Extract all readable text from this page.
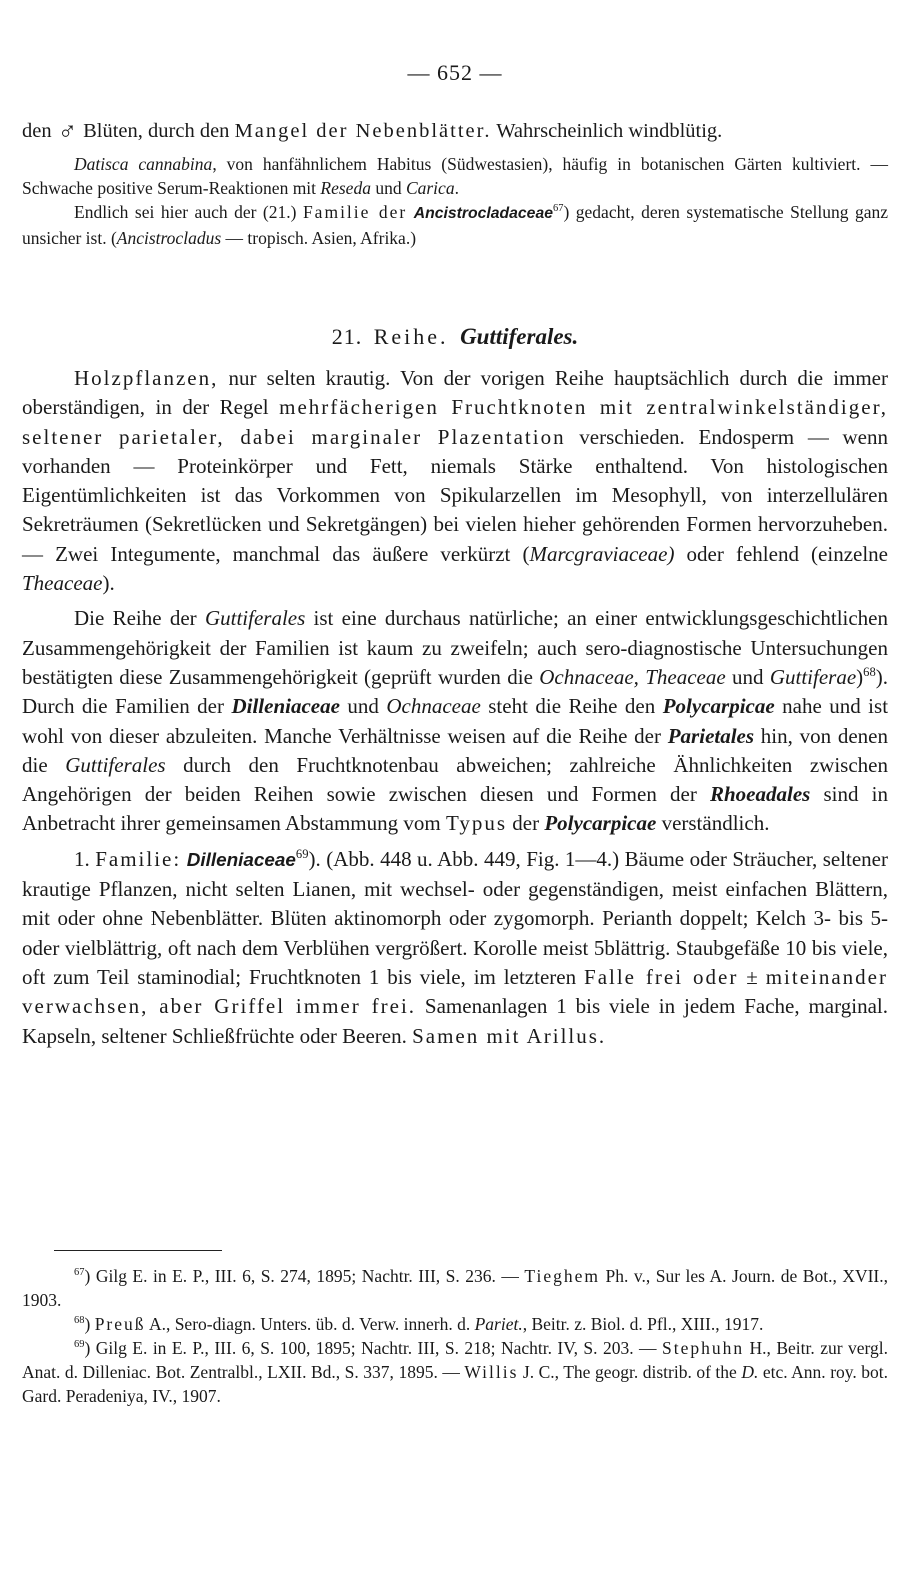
— 652 —

den ♂ Blüten, durch den Mangel der Nebenblätter. Wahrscheinlich windblütig.

Datisca cannabina, von hanfähnlichem Habitus (Südwestasien), häufig in botanischen Gärten kultiviert. — Schwache positive Serum-Reaktionen mit Reseda und Carica.

Endlich sei hier auch der (21.) Familie der Ancistrocladaceae$^{67}$) gedacht, deren systematische Stellung ganz unsicher ist. (Ancistrocladus — tropisch. Asien, Afrika.)

21. Reihe. Guttiferales.

Holzpflanzen, nur selten krautig. Von der vorigen Reihe hauptsächlich durch die immer oberständigen, in der Regel mehrfächerigen Fruchtknoten mit zentralwinkelständiger, seltener parietaler, dabei marginaler Plazentation verschieden. Endosperm — wenn vorhanden — Proteinkörper und Fett, niemals Stärke enthaltend. Von histologischen Eigentümlichkeiten ist das Vorkommen von Spikularzellen im Mesophyll, von interzellulären Sekreträumen (Sekretlücken und Sekretgängen) bei vielen hieher gehörenden Formen hervorzuheben. — Zwei Integumente, manchmal das äußere verkürzt (Marcgraviaceae) oder fehlend (einzelne Theaceae).

Die Reihe der Guttiferales ist eine durchaus natürliche; an einer entwicklungsgeschichtlichen Zusammengehörigkeit der Familien ist kaum zu zweifeln; auch sero-diagnostische Untersuchungen bestätigten diese Zusammengehörigkeit (geprüft wurden die Ochnaceae, Theaceae und Guttiferae)$^{68}$). Durch die Familien der Dilleniaceae und Ochnaceae steht die Reihe den Polycarpicae nahe und ist wohl von dieser abzuleiten. Manche Verhältnisse weisen auf die Reihe der Parietales hin, von denen die Guttiferales durch den Fruchtknotenbau abweichen; zahlreiche Ähnlichkeiten zwischen Angehörigen der beiden Reihen sowie zwischen diesen und Formen der Rhoeadales sind in Anbetracht ihrer gemeinsamen Abstammung vom Typus der Polycarpicae verständlich.

1. Familie: Dilleniaceae$^{69}$). (Abb. 448 u. Abb. 449, Fig. 1—4.) Bäume oder Sträucher, seltener krautige Pflanzen, nicht selten Lianen, mit wechsel- oder gegenständigen, meist einfachen Blättern, mit oder ohne Nebenblätter. Blüten aktinomorph oder zygomorph. Perianth doppelt; Kelch 3- bis 5- oder vielblättrig, oft nach dem Verblühen vergrößert. Korolle meist 5blättrig. Staubgefäße 10 bis viele, oft zum Teil staminodial; Fruchtknoten 1 bis viele, im letzteren Falle frei oder ± miteinander verwachsen, aber Griffel immer frei. Samenanlagen 1 bis viele in jedem Fache, marginal. Kapseln, seltener Schließfrüchte oder Beeren. Samen mit Arillus.

$^{67}$) Gilg E. in E. P., III. 6, S. 274, 1895; Nachtr. III, S. 236. — Tieghem Ph. v., Sur les A. Journ. de Bot., XVII., 1903.

$^{68}$) Preuß A., Sero-diagn. Unters. üb. d. Verw. innerh. d. Pariet., Beitr. z. Biol. d. Pfl., XIII., 1917.

$^{69}$) Gilg E. in E. P., III. 6, S. 100, 1895; Nachtr. III, S. 218; Nachtr. IV, S. 203. — Stephuhn H., Beitr. zur vergl. Anat. d. Dilleniac. Bot. Zentralbl., LXII. Bd., S. 337, 1895. — Willis J. C., The geogr. distrib. of the D. etc. Ann. roy. bot. Gard. Peradeniya, IV., 1907.
